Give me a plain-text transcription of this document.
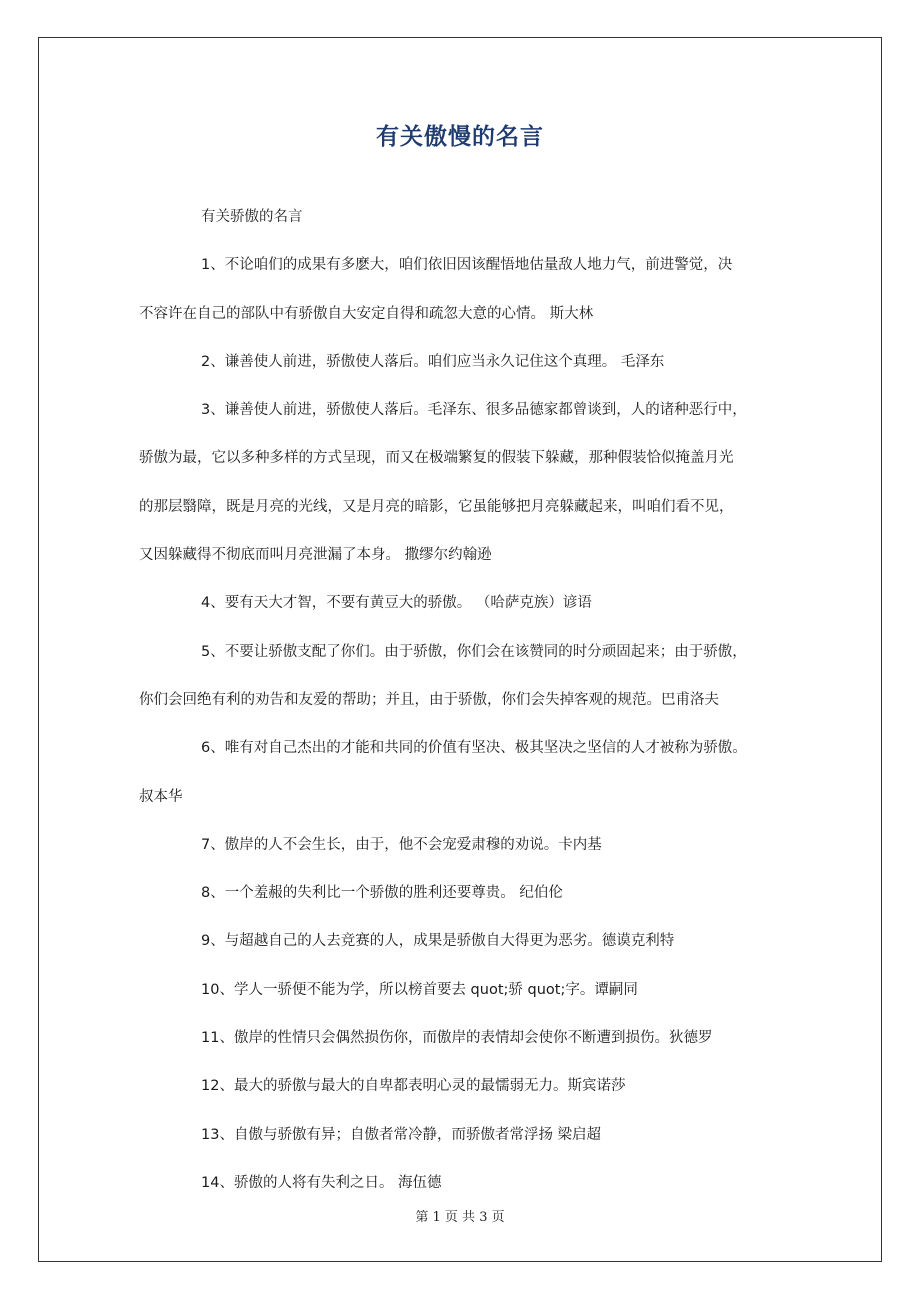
有关傲慢的名言
有关骄傲的名言
1、不论咱们的成果有多麽大，咱们依旧因该醒悟地估量敌人地力气，前进警觉，决
不容许在自己的部队中有骄傲自大安定自得和疏忽大意的心情。 斯大林
2、谦善使人前进，骄傲使人落后。咱们应当永久记住这个真理。 毛泽东
3、谦善使人前进，骄傲使人落后。毛泽东、很多品德家都曾谈到，人的诸种恶行中，
骄傲为最，它以多种多样的方式呈现，而又在极端繁复的假装下躲藏，那种假装恰似掩盖月光
的那层翳障，既是月亮的光线，又是月亮的暗影，它虽能够把月亮躲藏起来，叫咱们看不见，
又因躲藏得不彻底而叫月亮泄漏了本身。 撒缪尔约翰逊
4、要有天大才智，不要有黄豆大的骄傲。 （哈萨克族）谚语
5、不要让骄傲支配了你们。由于骄傲，你们会在该赞同的时分顽固起来；由于骄傲，
你们会回绝有利的劝告和友爱的帮助；并且，由于骄傲，你们会失掉客观的规范。巴甫洛夫
6、唯有对自己杰出的才能和共同的价值有坚决、极其坚决之坚信的人才被称为骄傲。
叔本华
7、傲岸的人不会生长，由于，他不会宠爱肃穆的劝说。卡内基
8、一个羞赧的失利比一个骄傲的胜利还要尊贵。 纪伯伦
9、与超越自己的人去竞赛的人，成果是骄傲自大得更为恶劣。德谟克利特
10、学人一骄便不能为学，所以榜首要去 quot;骄 quot;字。谭嗣同
11、傲岸的性情只会偶然损伤你，而傲岸的表情却会使你不断遭到损伤。狄德罗
12、最大的骄傲与最大的自卑都表明心灵的最懦弱无力。斯宾诺莎
13、自傲与骄傲有异；自傲者常冷静，而骄傲者常浮扬 梁启超
14、骄傲的人将有失利之日。 海伍德
第 1 页 共 3 页
